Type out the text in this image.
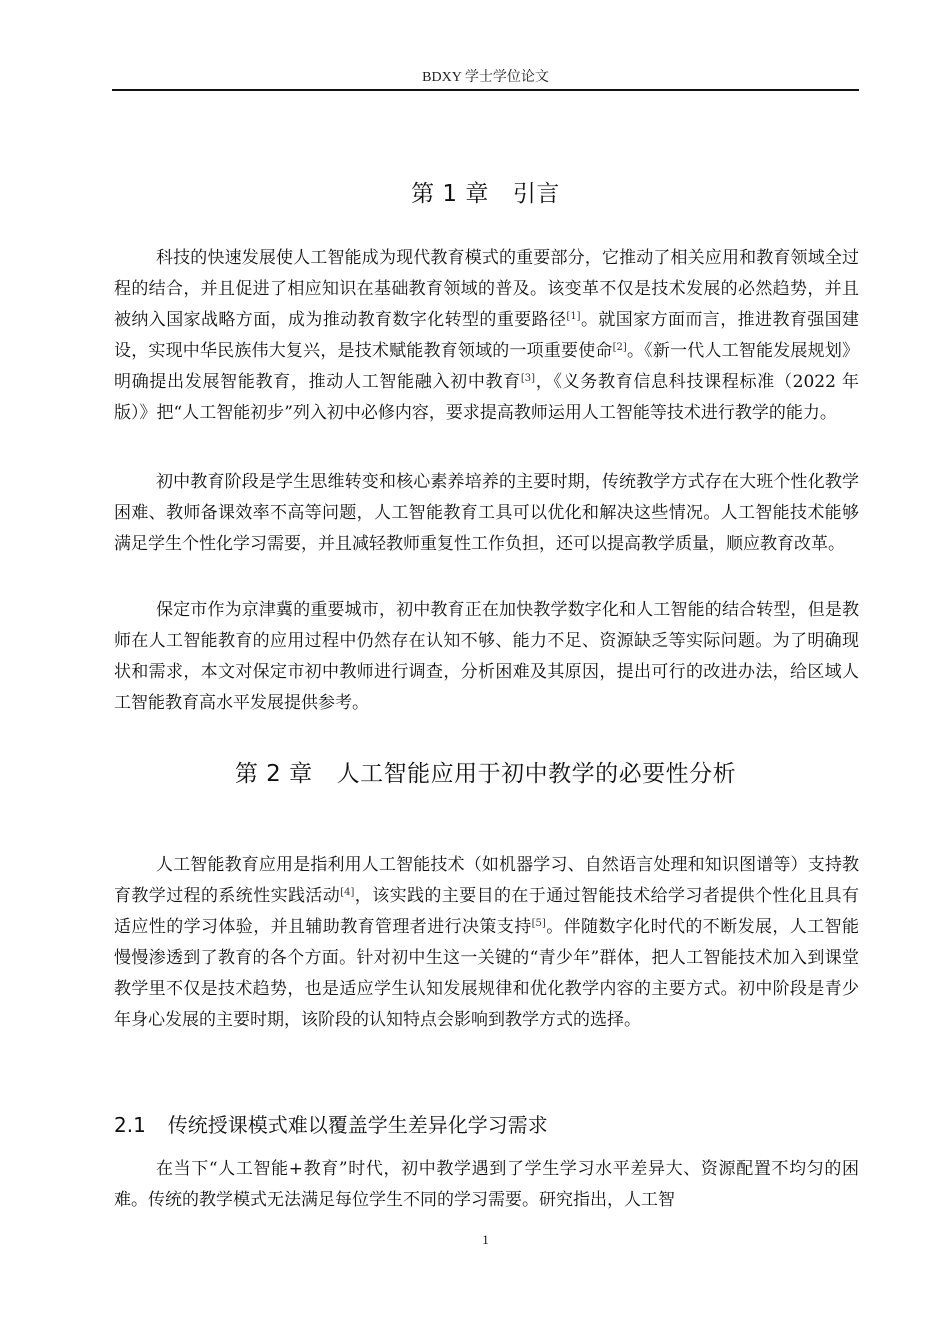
BDXY 学士学位论文
第 1 章 引言

科技的快速发展使人工智能成为现代教育模式的重要部分，它推动了相关应用和教育领域全过程的结合，并且促进了相应知识在基础教育领域的普及。该变革不仅是技术发展的必然趋势，并且被纳入国家战略方面，成为推动教育数字化转型的重要路径[1]。就国家方面而言，推进教育强国建设，实现中华民族伟大复兴，是技术赋能教育领域的一项重要使命[2]。《新一代人工智能发展规划》明确提出发展智能教育，推动人工智能融入初中教育[3]，《义务教育信息科技课程标准（2022 年版）》把“人工智能初步”列入初中必修内容，要求提高教师运用人工智能等技术进行教学的能力。

初中教育阶段是学生思维转变和核心素养培养的主要时期，传统教学方式存在大班个性化教学困难、教师备课效率不高等问题，人工智能教育工具可以优化和解决这些情况。人工智能技术能够满足学生个性化学习需要，并且减轻教师重复性工作负担，还可以提高教学质量，顺应教育改革。

保定市作为京津冀的重要城市，初中教育正在加快教学数字化和人工智能的结合转型，但是教师在人工智能教育的应用过程中仍然存在认知不够、能力不足、资源缺乏等实际问题。为了明确现状和需求，本文对保定市初中教师进行调查，分析困难及其原因，提出可行的改进办法，给区域人工智能教育高水平发展提供参考。

第 2 章 人工智能应用于初中教学的必要性分析

人工智能教育应用是指利用人工智能技术（如机器学习、自然语言处理和知识图谱等）支持教育教学过程的系统性实践活动[4]，该实践的主要目的在于通过智能技术给学习者提供个性化且具有适应性的学习体验，并且辅助教育管理者进行决策支持[5]。伴随数字化时代的不断发展，人工智能慢慢渗透到了教育的各个方面。针对初中生这一关键的“青少年”群体，把人工智能技术加入到课堂教学里不仅是技术趋势，也是适应学生认知发展规律和优化教学内容的主要方式。初中阶段是青少年身心发展的主要时期，该阶段的认知特点会影响到教学方式的选择。

2.1 传统授课模式难以覆盖学生差异化学习需求

在当下“人工智能+教育”时代，初中教学遇到了学生学习水平差异大、资源配置不均匀的困难。传统的教学模式无法满足每位学生不同的学习需要。研究指出，人工智

1
